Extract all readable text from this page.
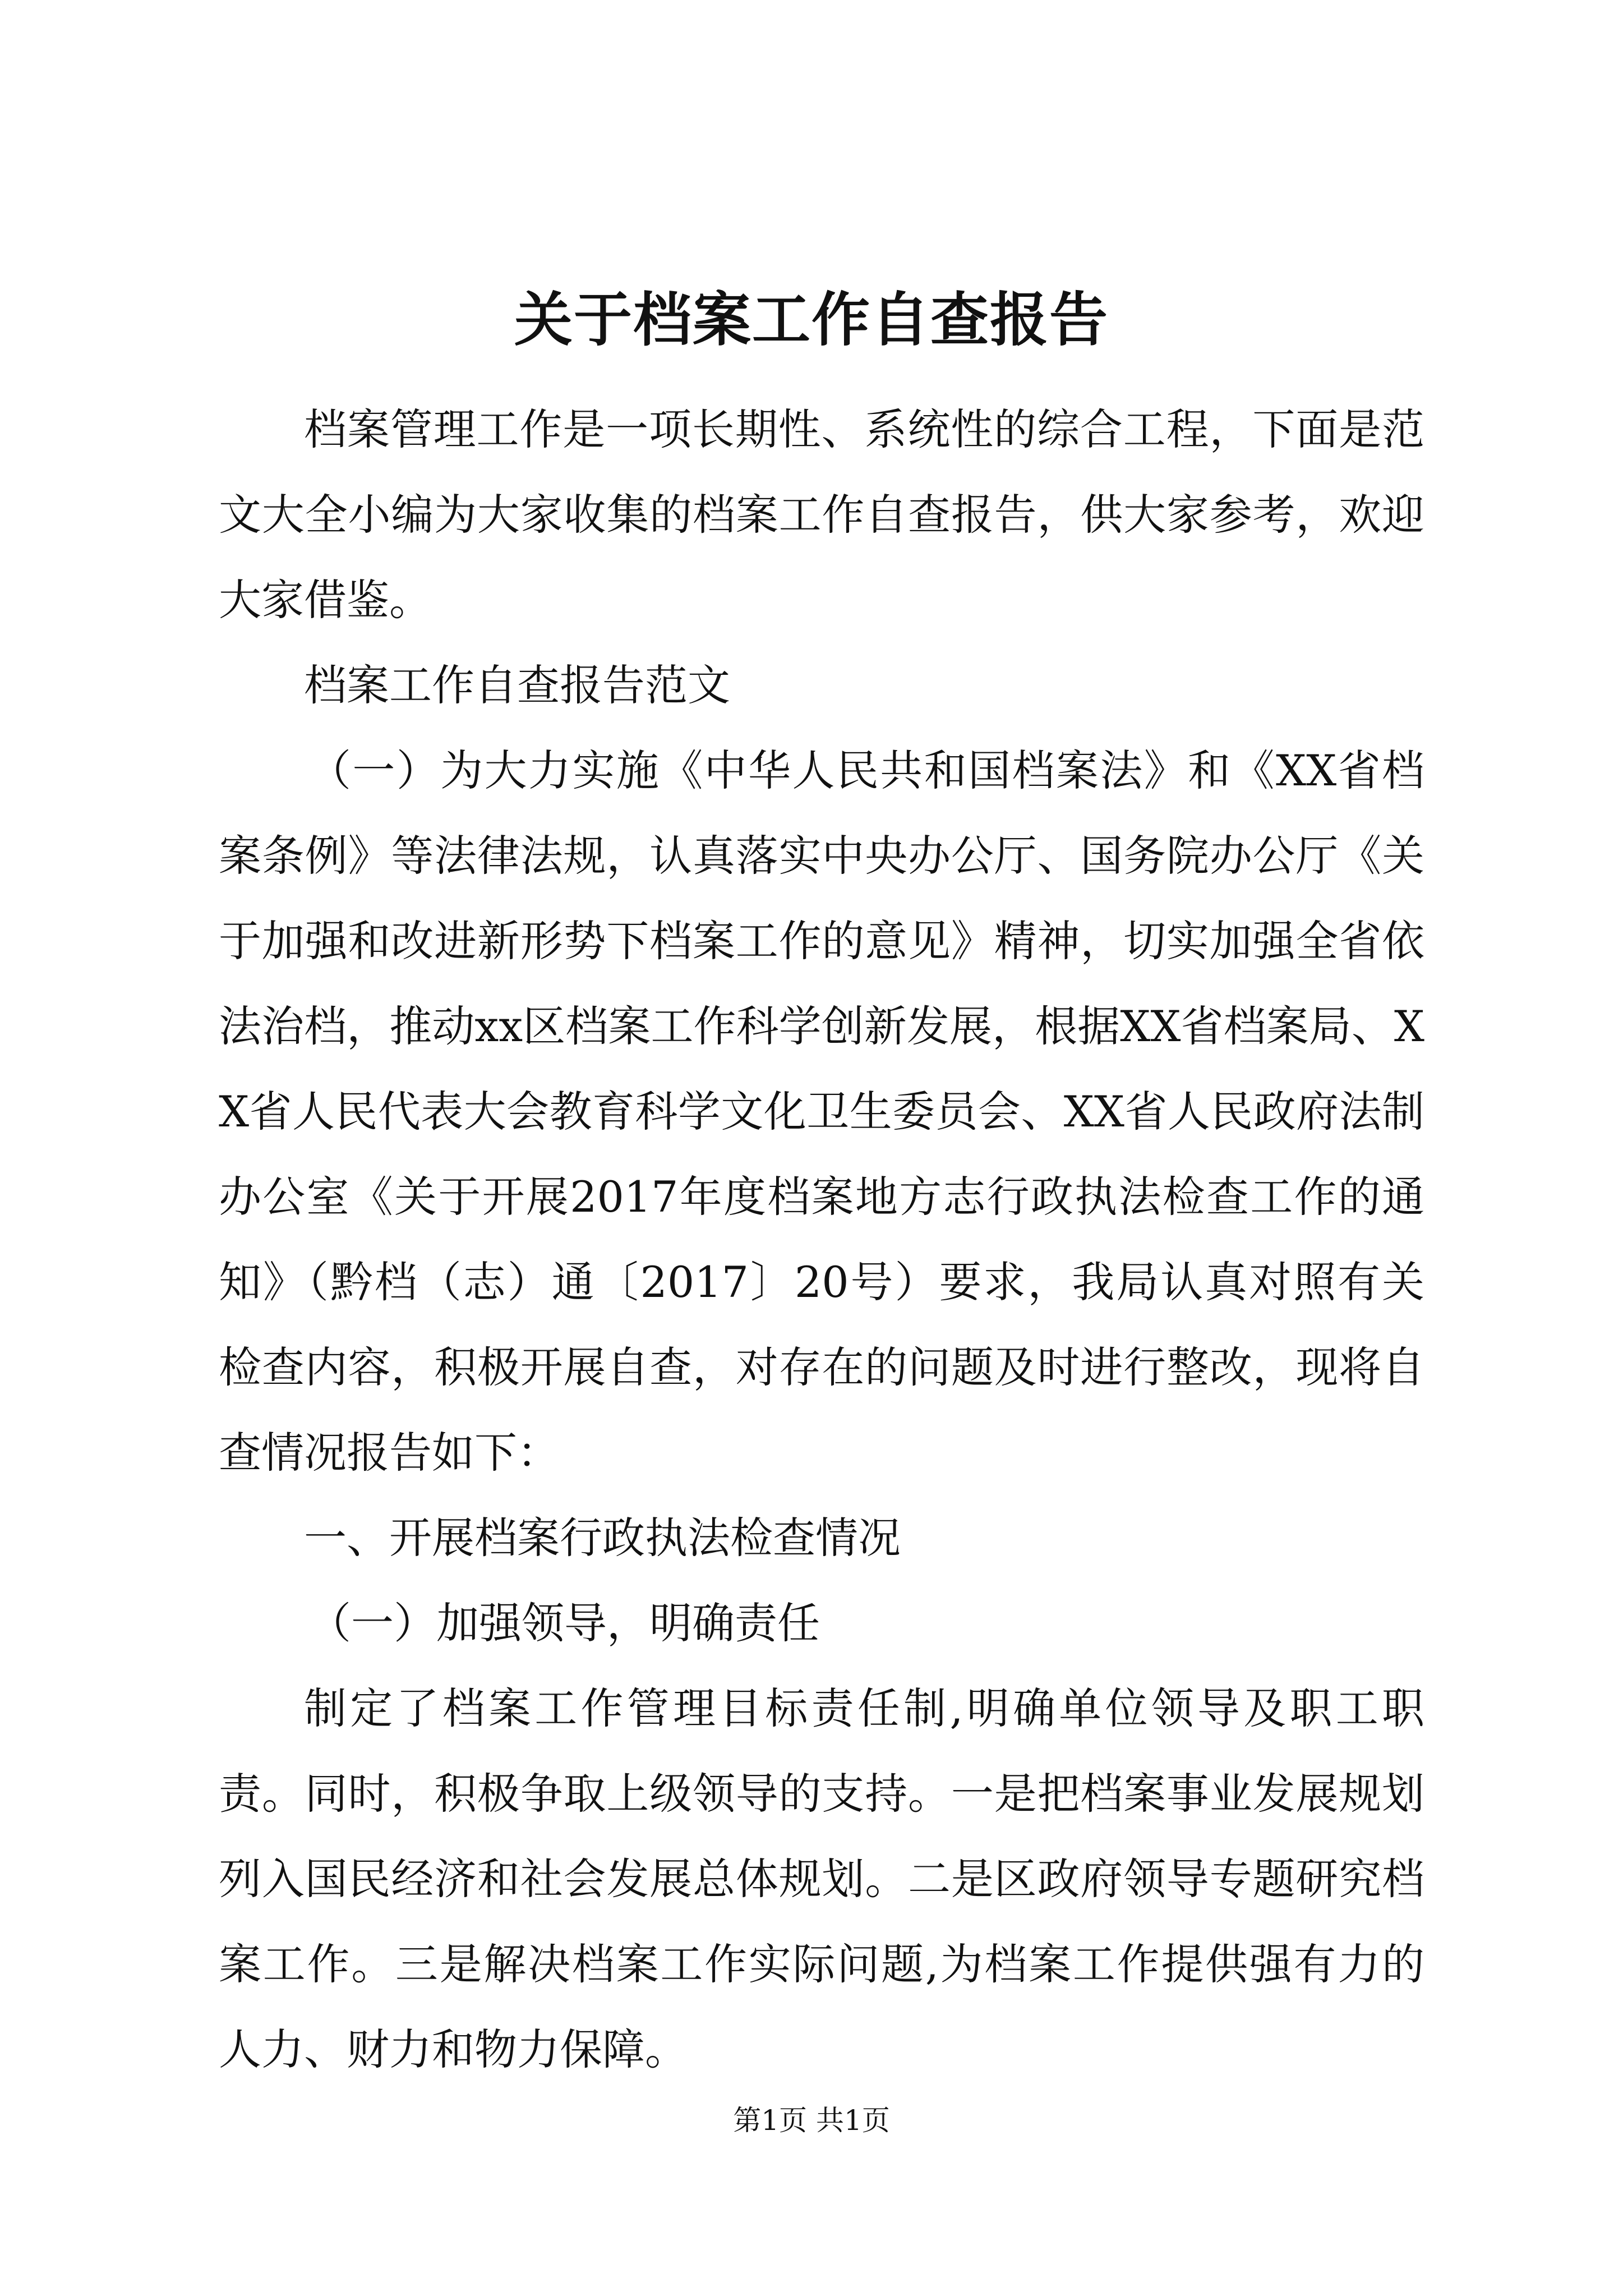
关于档案工作自查报告

档案管理工作是一项长期性、系统性的综合工程，下面是范文大全小编为大家收集的档案工作自查报告，供大家参考，欢迎大家借鉴。

档案工作自查报告范文

（一）为大力实施《中华人民共和国档案法》和《XX省档案条例》等法律法规，认真落实中央办公厅、国务院办公厅《关于加强和改进新形势下档案工作的意见》精神，切实加强全省依法治档，推动xx区档案工作科学创新发展，根据XX省档案局、XX省人民代表大会教育科学文化卫生委员会、XX省人民政府法制办公室《关于开展2017年度档案地方志行政执法检查工作的通知》（黔档（志）通〔2017〕20号）要求，我局认真对照有关检查内容，积极开展自查，对存在的问题及时进行整改，现将自查情况报告如下：

一、开展档案行政执法检查情况

（一）加强领导，明确责任

制定了档案工作管理目标责任制,明确单位领导及职工职责。同时，积极争取上级领导的支持。一是把档案事业发展规划列入国民经济和社会发展总体规划。二是区政府领导专题研究档案工作。三是解决档案工作实际问题,为档案工作提供强有力的人力、财力和物力保障。

第1页 共1页
